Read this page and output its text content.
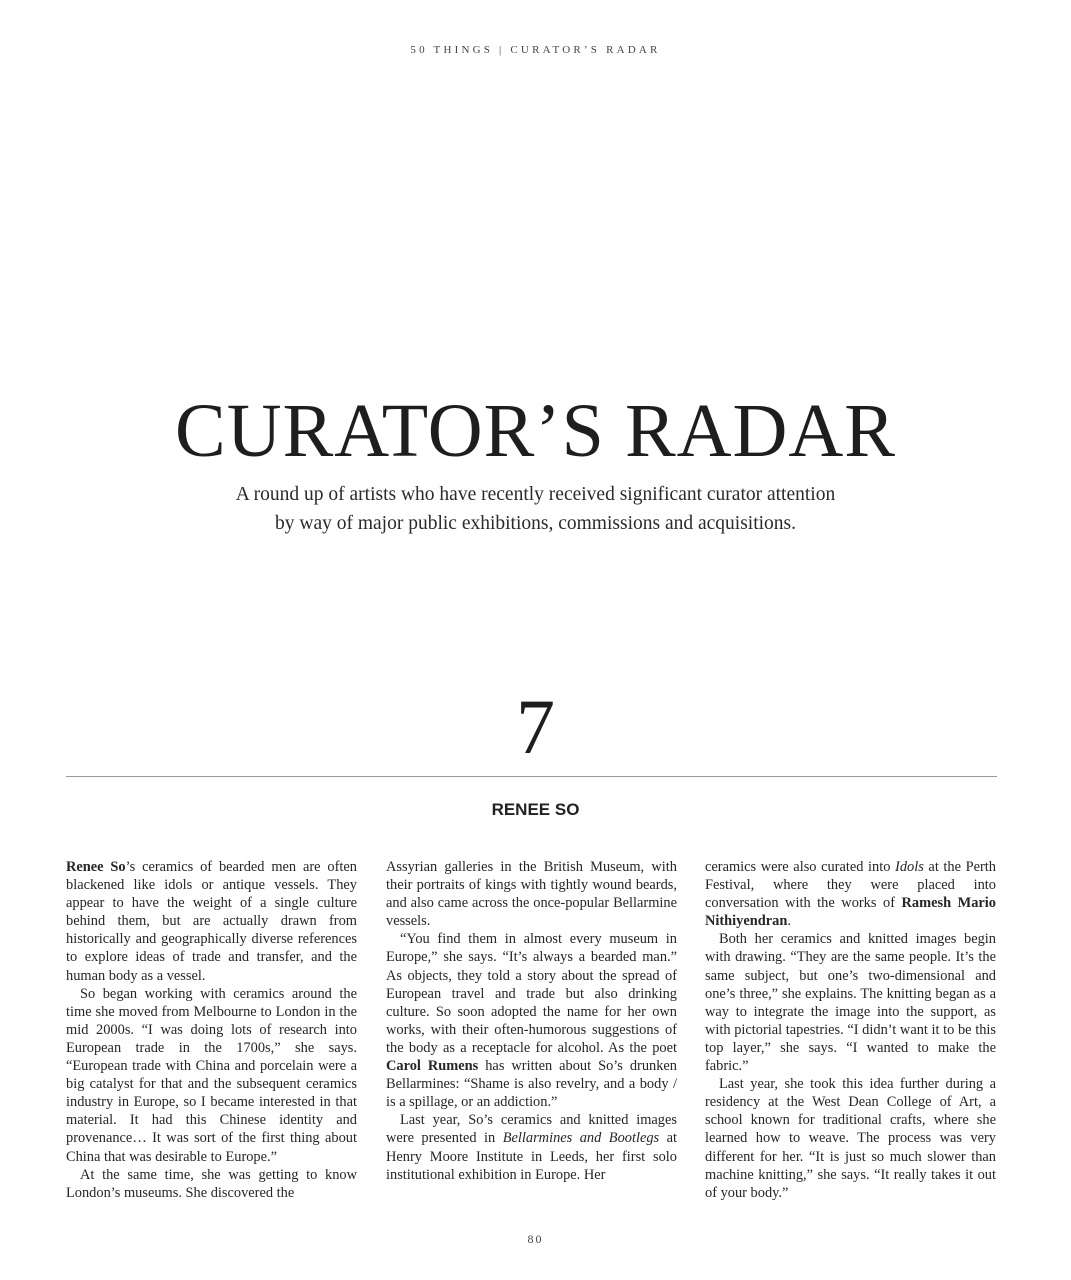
50 THINGS | CURATOR’S RADAR
CURATOR’S RADAR

A round up of artists who have recently received significant curator attention
by way of major public exhibitions, commissions and acquisitions.

7
RENEE SO

Renee So’s ceramics of bearded men are often blackened like idols or antique vessels. They appear to have the weight of a single culture behind them, but are actually drawn from historically and geographically diverse references to explore ideas of trade and transfer, and the human body as a vessel.

So began working with ceramics around the time she moved from Melbourne to London in the mid 2000s. “I was doing lots of research into European trade in the 1700s,” she says. “European trade with China and porcelain were a big catalyst for that and the subsequent ceramics industry in Europe, so I became interested in that material. It had this Chinese identity and provenance… It was sort of the first thing about China that was desirable to Europe.”

At the same time, she was getting to know London’s museums. She discovered the

Assyrian galleries in the British Museum, with their portraits of kings with tightly wound beards, and also came across the once-popular Bellarmine vessels.

“You find them in almost every museum in Europe,” she says. “It’s always a bearded man.” As objects, they told a story about the spread of European travel and trade but also drinking culture. So soon adopted the name for her own works, with their often-humorous suggestions of the body as a receptacle for alcohol. As the poet Carol Rumens has written about So’s drunken Bellarmines: “Shame is also revelry, and a body / is a spillage, or an addiction.”

Last year, So’s ceramics and knitted images were presented in Bellarmines and Bootlegs at Henry Moore Institute in Leeds, her first solo institutional exhibition in Europe. Her

ceramics were also curated into Idols at the Perth Festival, where they were placed into conversation with the works of Ramesh Mario Nithiyendran.

Both her ceramics and knitted images begin with drawing. “They are the same people. It’s the same subject, but one’s two-dimensional and one’s three,” she explains. The knitting began as a way to integrate the image into the support, as with pictorial tapestries. “I didn’t want it to be this top layer,” she says. “I wanted to make the fabric.”

Last year, she took this idea further during a residency at the West Dean College of Art, a school known for traditional crafts, where she learned how to weave. The process was very different for her. “It is just so much slower than machine knitting,” she says. “It really takes it out of your body.”

80
